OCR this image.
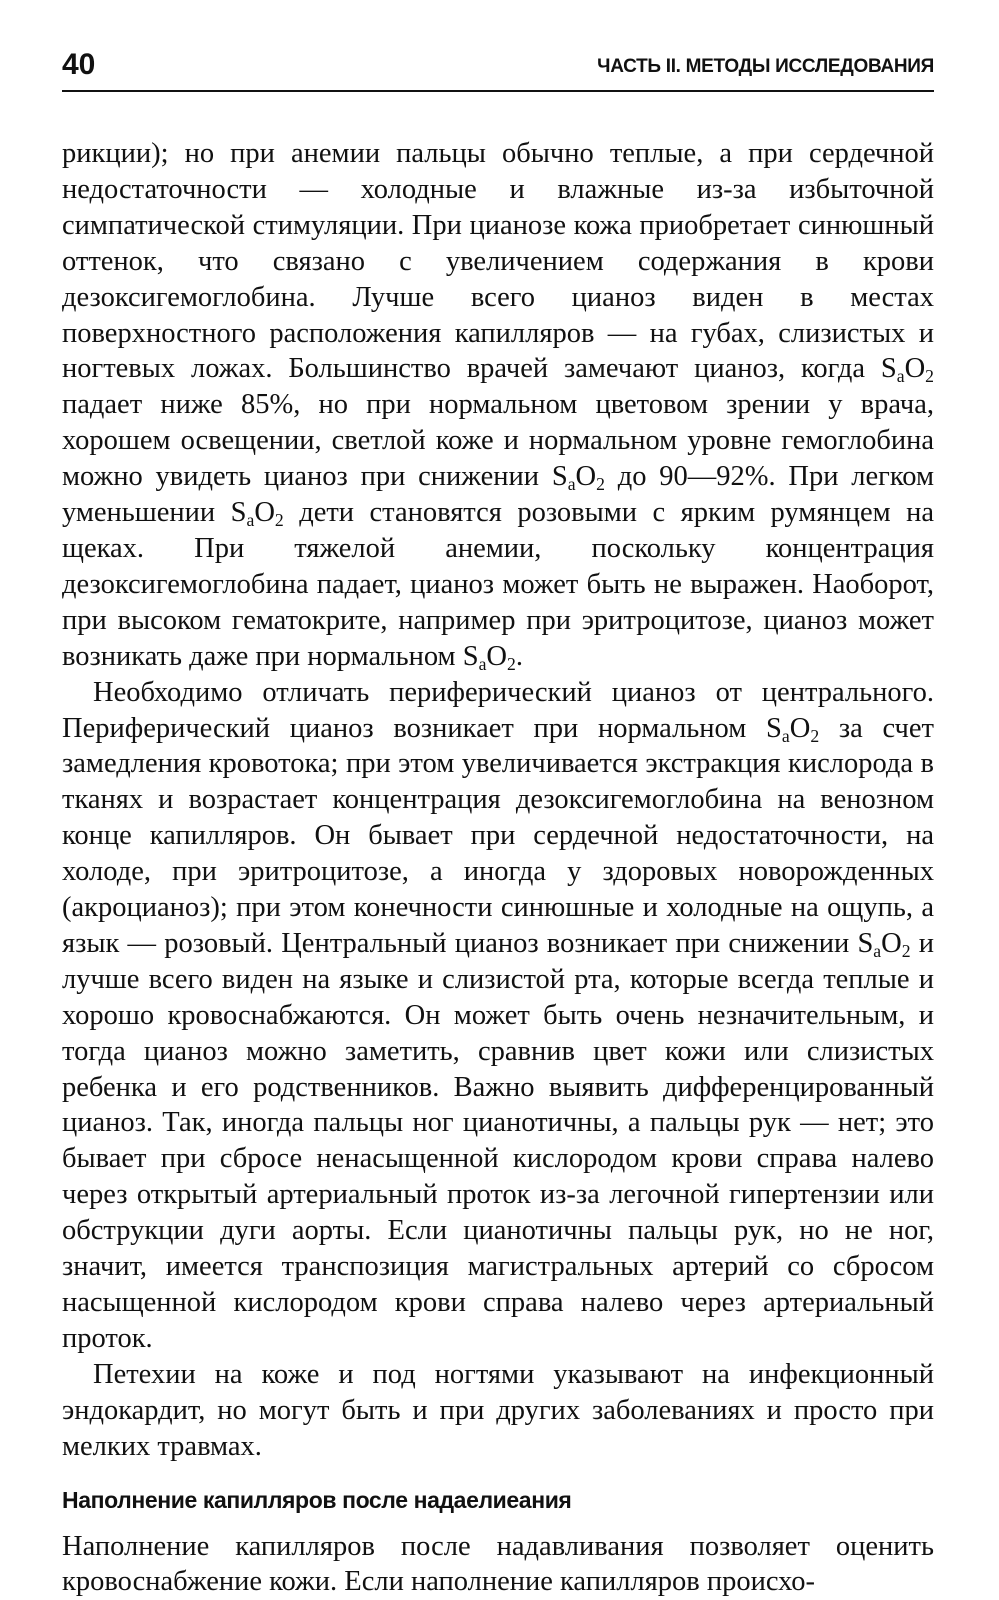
40	ЧАСТЬ II. МЕТОДЫ ИССЛЕДОВАНИЯ

рикции); но при анемии пальцы обычно теплые, а при сердечной недостаточности — холодные и влажные из-за избыточной симпатической стимуляции. При цианозе кожа приобретает синюшный оттенок, что связано с увеличением содержания в крови дезоксигемоглобина. Лучше всего цианоз виден в местах поверхностного расположения капилляров — на губах, слизистых и ногтевых ложах. Большинство врачей замечают цианоз, когда $S_aO_2$ падает ниже 85%, но при нормальном цветовом зрении у врача, хорошем освещении, светлой коже и нормальном уровне гемоглобина можно увидеть цианоз при снижении $S_aO_2$ до 90—92%. При легком уменьшении $S_aO_2$ дети становятся розовыми с ярким румянцем на щеках. При тяжелой анемии, поскольку концентрация дезоксигемоглобина падает, цианоз может быть не выражен. Наоборот, при высоком гематокрите, например при эритроцитозе, цианоз может возникать даже при нормальном $S_aO_2$.

Необходимо отличать периферический цианоз от центрального. Периферический цианоз возникает при нормальном $S_aO_2$ за счет замедления кровотока; при этом увеличивается экстракция кислорода в тканях и возрастает концентрация дезоксигемоглобина на венозном конце капилляров. Он бывает при сердечной недостаточности, на холоде, при эритроцитозе, а иногда у здоровых новорожденных (акроцианоз); при этом конечности синюшные и холодные на ощупь, а язык — розовый. Центральный цианоз возникает при снижении $S_aO_2$ и лучше всего виден на языке и слизистой рта, которые всегда теплые и хорошо кровоснабжаются. Он может быть очень незначительным, и тогда цианоз можно заметить, сравнив цвет кожи или слизистых ребенка и его родственников. Важно выявить дифференцированный цианоз. Так, иногда пальцы ног цианотичны, а пальцы рук — нет; это бывает при сбросе ненасыщенной кислородом крови справа налево через открытый артериальный проток из-за легочной гипертензии или обструкции дуги аорты. Если цианотичны пальцы рук, но не ног, значит, имеется транспозиция магистральных артерий со сбросом насыщенной кислородом крови справа налево через артериальный проток.

Петехии на коже и под ногтями указывают на инфекционный эндокардит, но могут быть и при других заболеваниях и просто при мелких травмах.

Наполнение капилляров после надаелиеания

Наполнение капилляров после надавливания позволяет оценить кровоснабжение кожи. Если наполнение капилляров происхо-
